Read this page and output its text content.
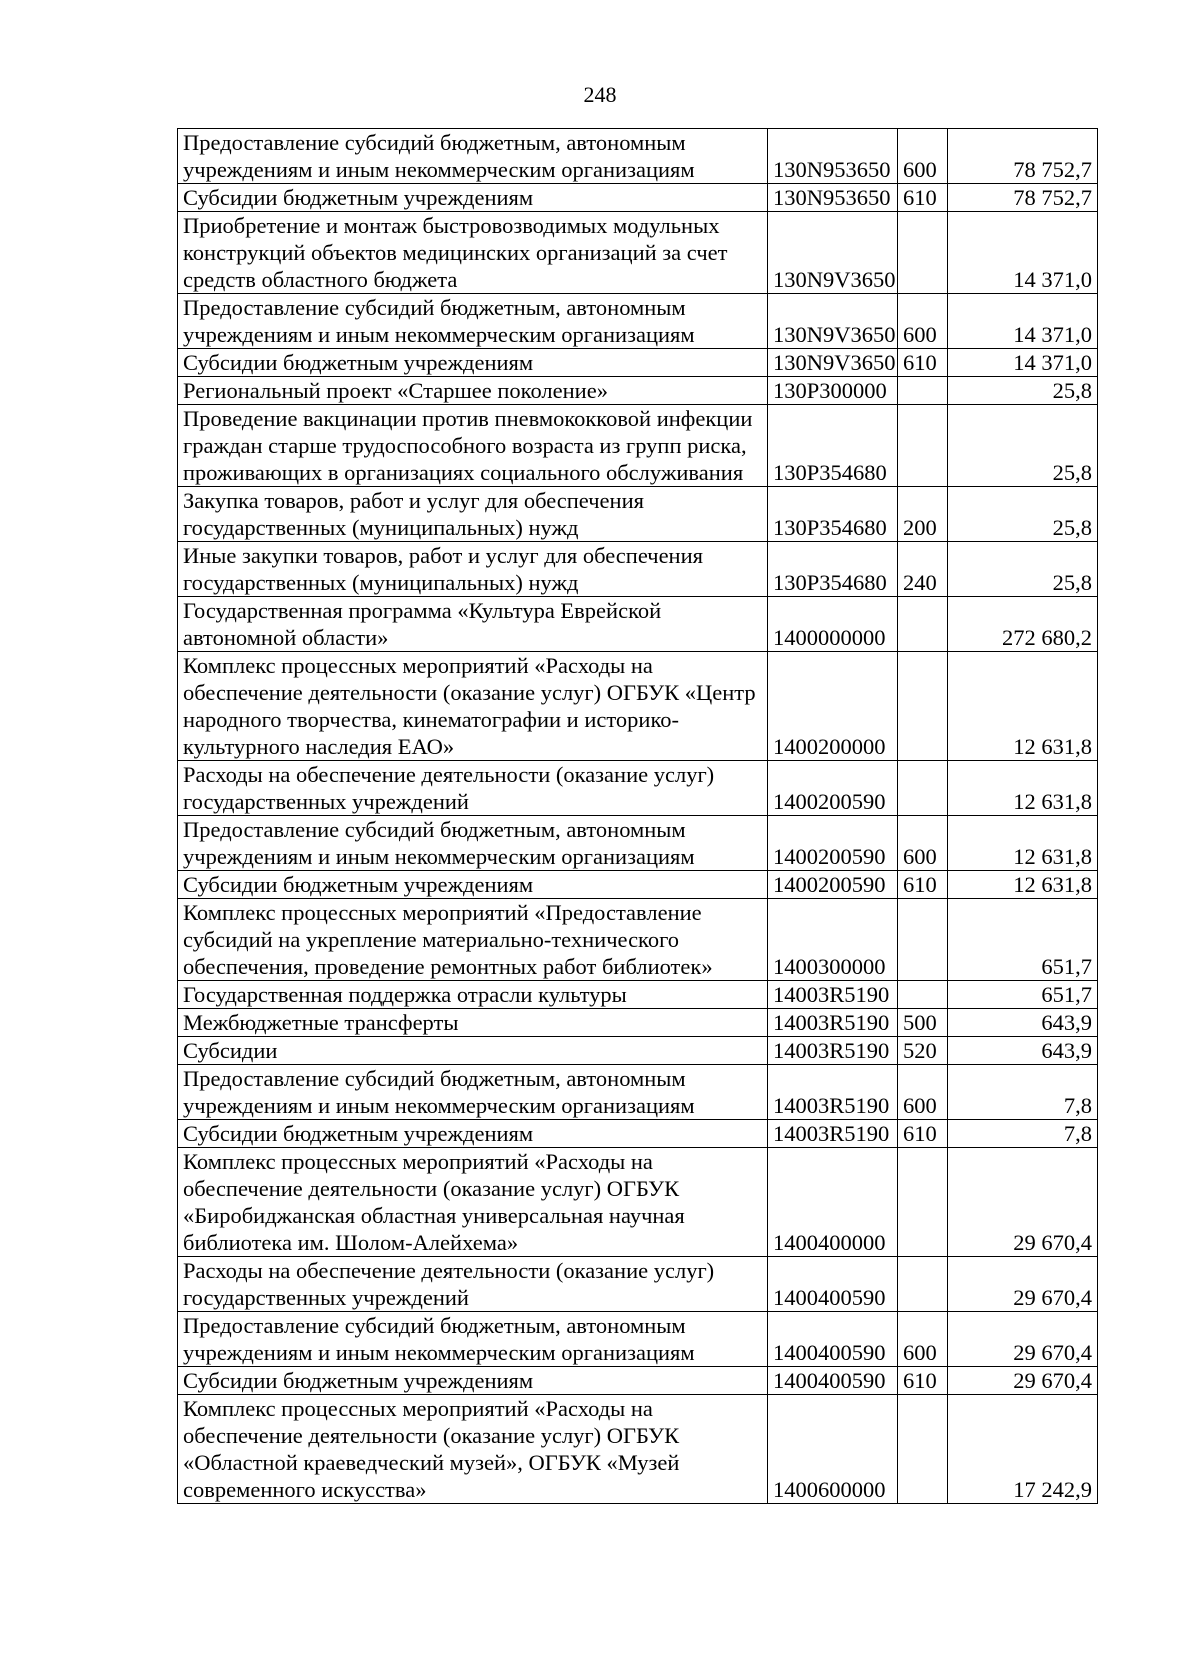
248
Предоставление субсидий бюджетным, автономным учреждениям и иным некоммерческим организациям	130N953650	600	78 752,7
Субсидии бюджетным учреждениям	130N953650	610	78 752,7
Приобретение и монтаж быстровозводимых модульных конструкций объектов медицинских организаций за счет средств областного бюджета	130N9V3650		14 371,0
Предоставление субсидий бюджетным, автономным учреждениям и иным некоммерческим организациям	130N9V3650	600	14 371,0
Субсидии бюджетным учреждениям	130N9V3650	610	14 371,0
Региональный проект «Старшее поколение»	130P300000		25,8
Проведение вакцинации против пневмококковой инфекции граждан старше трудоспособного возраста из групп риска, проживающих в организациях социального обслуживания	130P354680		25,8
Закупка товаров, работ и услуг для обеспечения государственных (муниципальных) нужд	130P354680	200	25,8
Иные закупки товаров, работ и услуг для обеспечения государственных (муниципальных) нужд	130P354680	240	25,8
Государственная программа «Культура Еврейской автономной области»	1400000000		272 680,2
Комплекс процессных мероприятий «Расходы на обеспечение деятельности (оказание услуг) ОГБУК «Центр народного творчества, кинематографии и историко-культурного наследия ЕАО»	1400200000		12 631,8
Расходы на обеспечение деятельности (оказание услуг) государственных учреждений	1400200590		12 631,8
Предоставление субсидий бюджетным, автономным учреждениям и иным некоммерческим организациям	1400200590	600	12 631,8
Субсидии бюджетным учреждениям	1400200590	610	12 631,8
Комплекс процессных мероприятий «Предоставление субсидий на укрепление материально-технического обеспечения, проведение ремонтных работ библиотек»	1400300000		651,7
Государственная поддержка отрасли культуры	14003R5190		651,7
Межбюджетные трансферты	14003R5190	500	643,9
Субсидии	14003R5190	520	643,9
Предоставление субсидий бюджетным, автономным учреждениям и иным некоммерческим организациям	14003R5190	600	7,8
Субсидии бюджетным учреждениям	14003R5190	610	7,8
Комплекс процессных мероприятий «Расходы на обеспечение деятельности (оказание услуг) ОГБУК «Биробиджанская областная универсальная научная библиотека им. Шолом-Алейхема»	1400400000		29 670,4
Расходы на обеспечение деятельности (оказание услуг) государственных учреждений	1400400590		29 670,4
Предоставление субсидий бюджетным, автономным учреждениям и иным некоммерческим организациям	1400400590	600	29 670,4
Субсидии бюджетным учреждениям	1400400590	610	29 670,4
Комплекс процессных мероприятий «Расходы на обеспечение деятельности (оказание услуг) ОГБУК «Областной краеведческий музей», ОГБУК «Музей современного искусства»	1400600000		17 242,9
